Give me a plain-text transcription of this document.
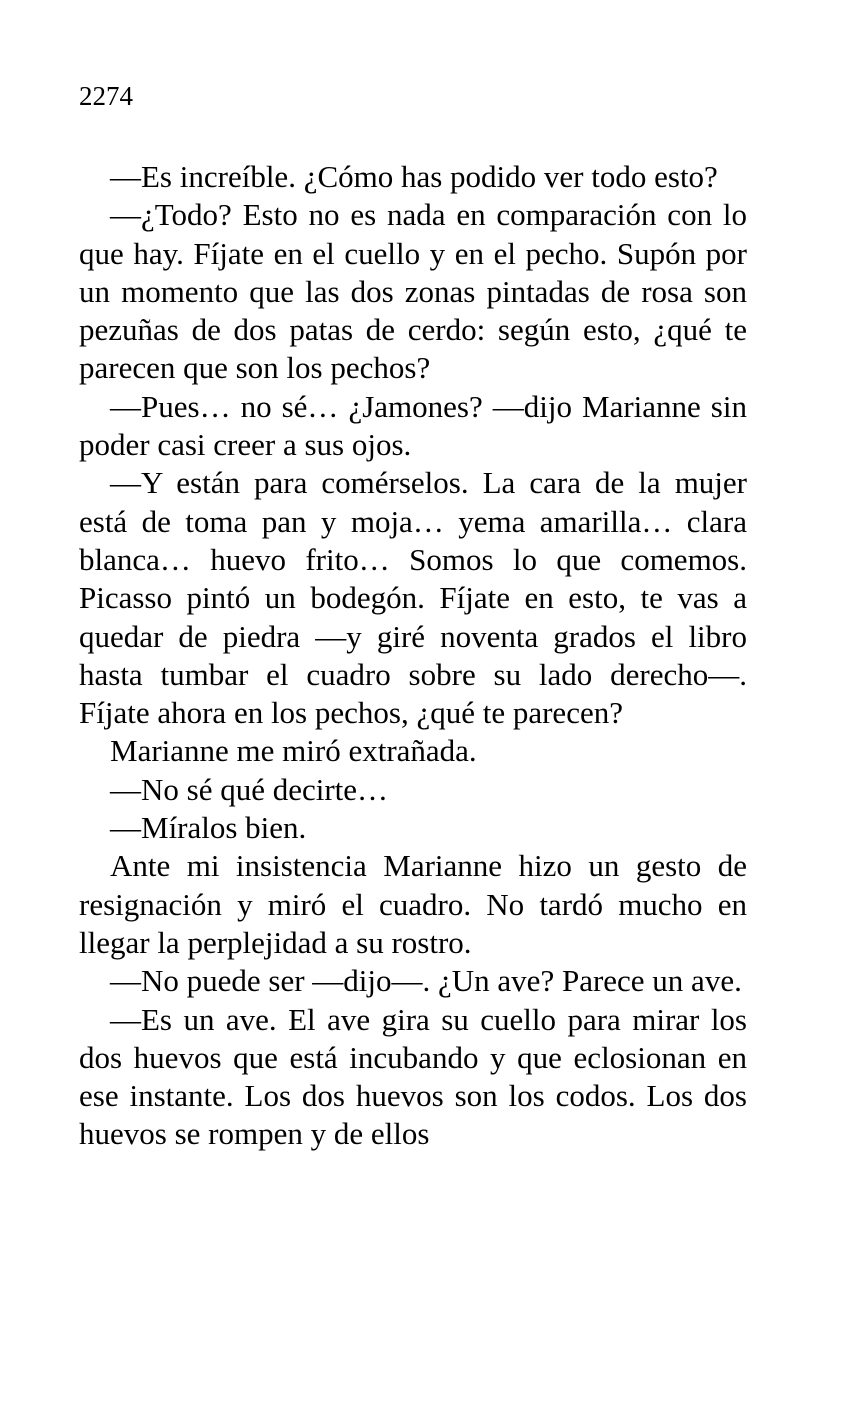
2274

—Es increíble. ¿Cómo has podido ver todo esto?

—¿Todo? Esto no es nada en comparación con lo que hay. Fíjate en el cuello y en el pecho. Supón por un momento que las dos zonas pintadas de rosa son pezuñas de dos patas de cerdo: según esto, ¿qué te parecen que son los pechos?

—Pues… no sé… ¿Jamones? —dijo Marianne sin poder casi creer a sus ojos.

—Y están para comérselos. La cara de la mujer está de toma pan y moja… yema amarilla… clara blanca… huevo frito… Somos lo que comemos. Picasso pintó un bodegón. Fíjate en esto, te vas a quedar de piedra —y giré noventa grados el libro hasta tumbar el cuadro sobre su lado derecho—. Fíjate ahora en los pechos, ¿qué te parecen?

Marianne me miró extrañada.

—No sé qué decirte…

—Míralos bien.

Ante mi insistencia Marianne hizo un gesto de resignación y miró el cuadro. No tardó mucho en llegar la perplejidad a su rostro.

—No puede ser —dijo—. ¿Un ave? Parece un ave.

—Es un ave. El ave gira su cuello para mirar los dos huevos que está incubando y que eclosionan en ese instante. Los dos huevos son los codos. Los dos huevos se rompen y de ellos
